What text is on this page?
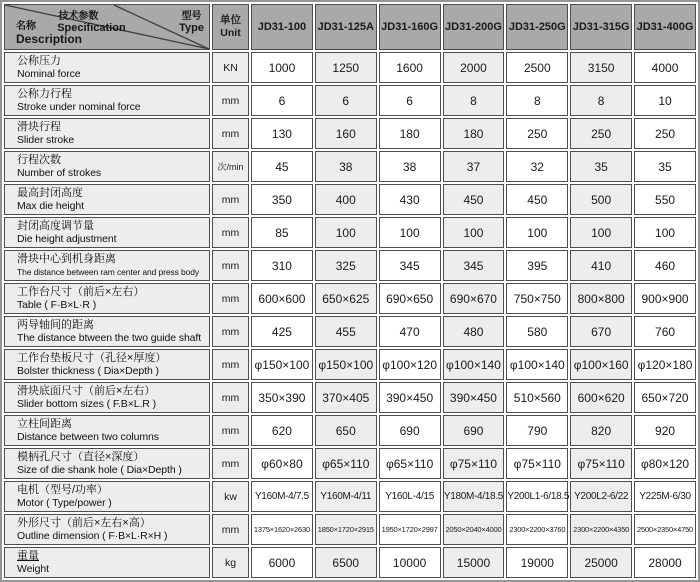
技术参数
Specification
型号
Type
名称
Description
	单位
Unit	JD31-100	JD31-125A	JD31-160G	JD31-200G	JD31-250G	JD31-315G	JD31-400G

公称压力
Nominal force	KN	1000	1250	1600	2000	2500	3150	4000

公称力行程
Stroke under nominal force	mm	6	6	6	8	8	8	10

滑块行程
Slider stroke	mm	130	160	180	180	250	250	250

行程次数
Number of strokes	次/min	45	38	38	37	32	35	35

最高封闭高度
Max die height	mm	350	400	430	450	450	500	550

封闭高度调节量
Die height adjustment	mm	85	100	100	100	100	100	100

滑块中心到机身距离
The distance between ram center and press body	mm	310	325	345	345	395	410	460

工作台尺寸（前后×左右）
Table ( F·B×L·R )	mm	600×600	650×625	690×650	690×670	750×750	800×800	900×900

两导轴间的距离
The distance btween the two guide shaft	mm	425	455	470	480	580	670	760

工作台垫板尺寸（孔径×厚度）
Bolster thickness ( Dia×Depth )	mm	φ150×100	φ150×100	φ100×120	φ100×140	φ100×140	φ100×160	φ120×180

滑块底面尺寸（前后×左右）
Slider bottom sizes ( F.B×L.R )	mm	350×390	370×405	390×450	390×450	510×560	600×620	650×720

立柱间距离
Distance between two columns	mm	620	650	690	690	790	820	920

模柄孔尺寸（直径×深度）
Size of die shank hole ( Dia×Depth )	mm	φ60×80	φ65×110	φ65×110	φ75×110	φ75×110	φ75×110	φ80×120

电机（型号/功率）
Motor ( Type/power )	kw	Y160M-4/7.5	Y160M-4/11	Y160L-4/15	Y180M-4/18.5	Y200L1-6/18.5	Y200L2-6/22	Y225M-6/30

外形尺寸（前后×左右×高）
Outline dimension ( F·B×L·R×H )	mm	1375×1620×2630	1850×1720×2915	1950×1720×2997	2050×2040×4000	2300×2200×3760	2300×2200×4350	2500×2350×4750

重量
Weight	kg	6000	6500	10000	15000	19000	25000	28000
